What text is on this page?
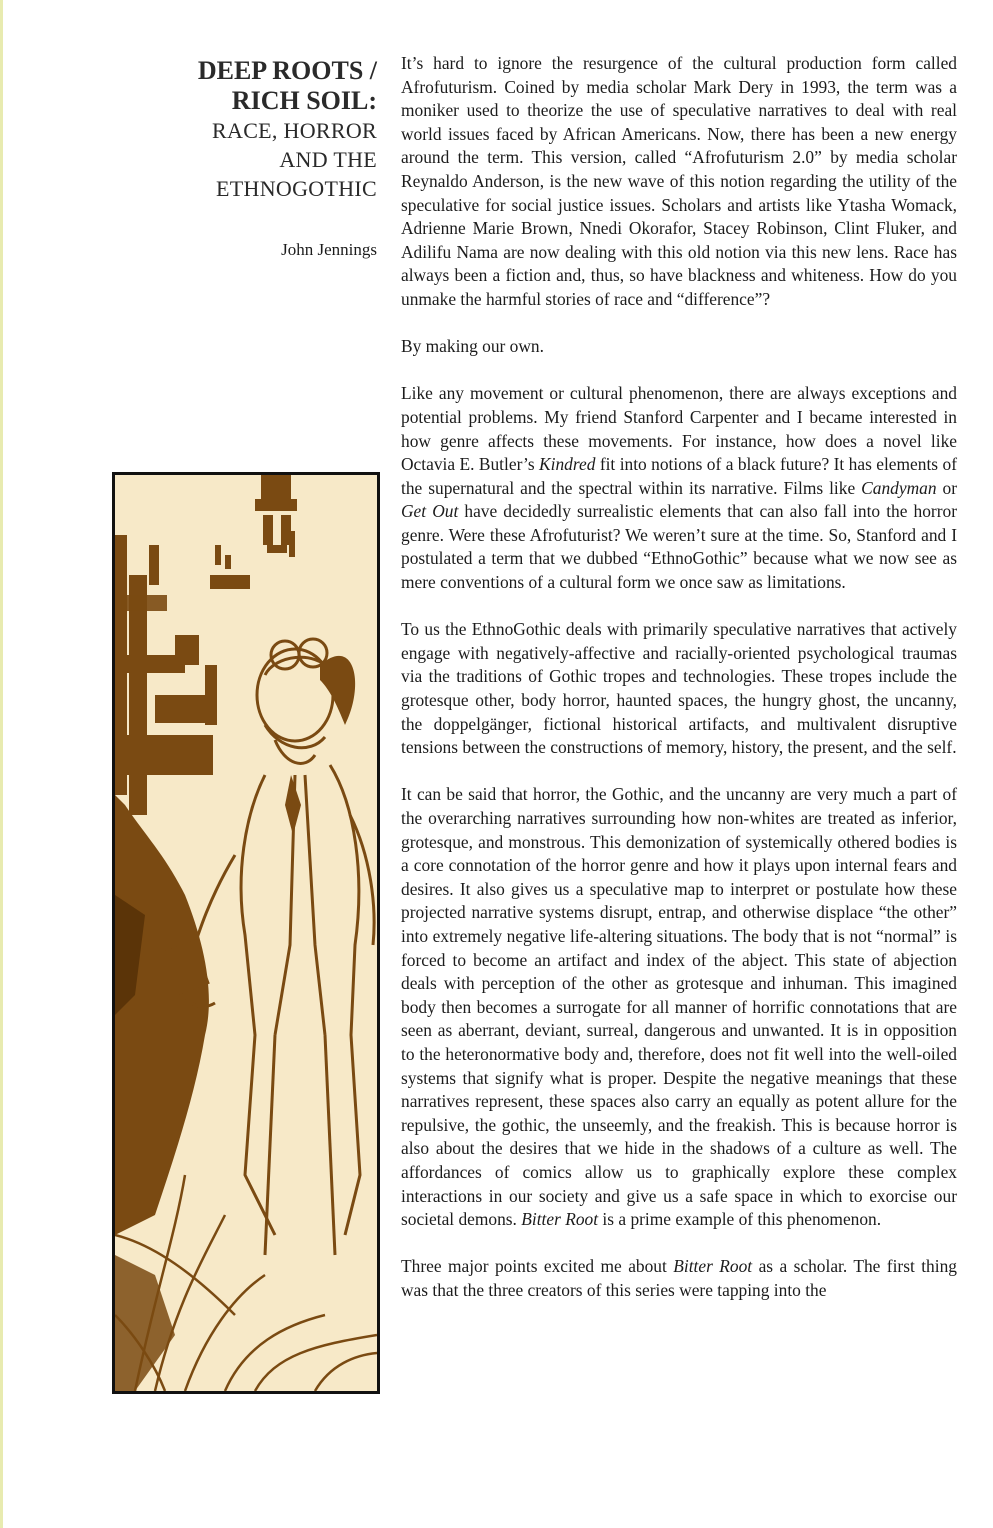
DEEP ROOTS /
RICH SOIL:
RACE, HORROR
AND THE
ETHNOGOTHIC
John Jennings

It’s hard to ignore the resurgence of the cultural production form called Afrofuturism. Coined by media scholar Mark Dery in 1993, the term was a moniker used to theorize the use of speculative narratives to deal with real world issues faced by African Americans. Now, there has been a new energy around the term. This version, called “Afrofuturism 2.0” by media scholar Reynaldo Anderson, is the new wave of this notion regarding the utility of the speculative for social justice issues. Scholars and artists like Ytasha Womack, Adrienne Marie Brown, Nnedi Okorafor, Stacey Robinson, Clint Fluker, and Adilifu Nama are now dealing with this old notion via this new lens. Race has always been a fiction and, thus, so have blackness and whiteness. How do you unmake the harmful stories of race and “difference”?

By making our own.

Like any movement or cultural phenomenon, there are always exceptions and potential problems. My friend Stanford Carpenter and I became interested in how genre affects these movements. For instance, how does a novel like Octavia E. Butler’s Kindred fit into notions of a black future? It has elements of the supernatural and the spectral within its narrative. Films like Candyman or Get Out have decidedly surrealistic elements that can also fall into the horror genre. Were these Afrofuturist? We weren’t sure at the time. So, Stanford and I postulated a term that we dubbed “EthnoGothic” because what we now see as mere conventions of a cultural form we once saw as limitations.

To us the EthnoGothic deals with primarily speculative narratives that actively engage with negatively-affective and racially-oriented psychological traumas via the traditions of Gothic tropes and technologies. These tropes include the grotesque other, body horror, haunted spaces, the hungry ghost, the uncanny, the doppelgänger, fictional historical artifacts, and multivalent disruptive tensions between the constructions of memory, history, the present, and the self.

It can be said that horror, the Gothic, and the uncanny are very much a part of the overarching narratives surrounding how non-whites are treated as inferior, grotesque, and monstrous. This demonization of systemically othered bodies is a core connotation of the horror genre and how it plays upon internal fears and desires. It also gives us a speculative map to interpret or postulate how these projected narrative systems disrupt, entrap, and otherwise displace “the other” into extremely negative life-altering situations. The body that is not “normal” is forced to become an artifact and index of the abject. This state of abjection deals with perception of the other as grotesque and inhuman. This imagined body then becomes a surrogate for all manner of horrific connotations that are seen as aberrant, deviant, surreal, dangerous and unwanted. It is in opposition to the heteronormative body and, therefore, does not fit well into the well-oiled systems that signify what is proper. Despite the negative meanings that these narratives represent, these spaces also carry an equally as potent allure for the repulsive, the gothic, the unseemly, and the freakish. This is because horror is also about the desires that we hide in the shadows of a culture as well. The affordances of comics allow us to graphically explore these complex interactions in our society and give us a safe space in which to exorcise our societal demons. Bitter Root is a prime example of this phenomenon.

Three major points excited me about Bitter Root as a scholar. The first thing was that the three creators of this series were tapping into the
